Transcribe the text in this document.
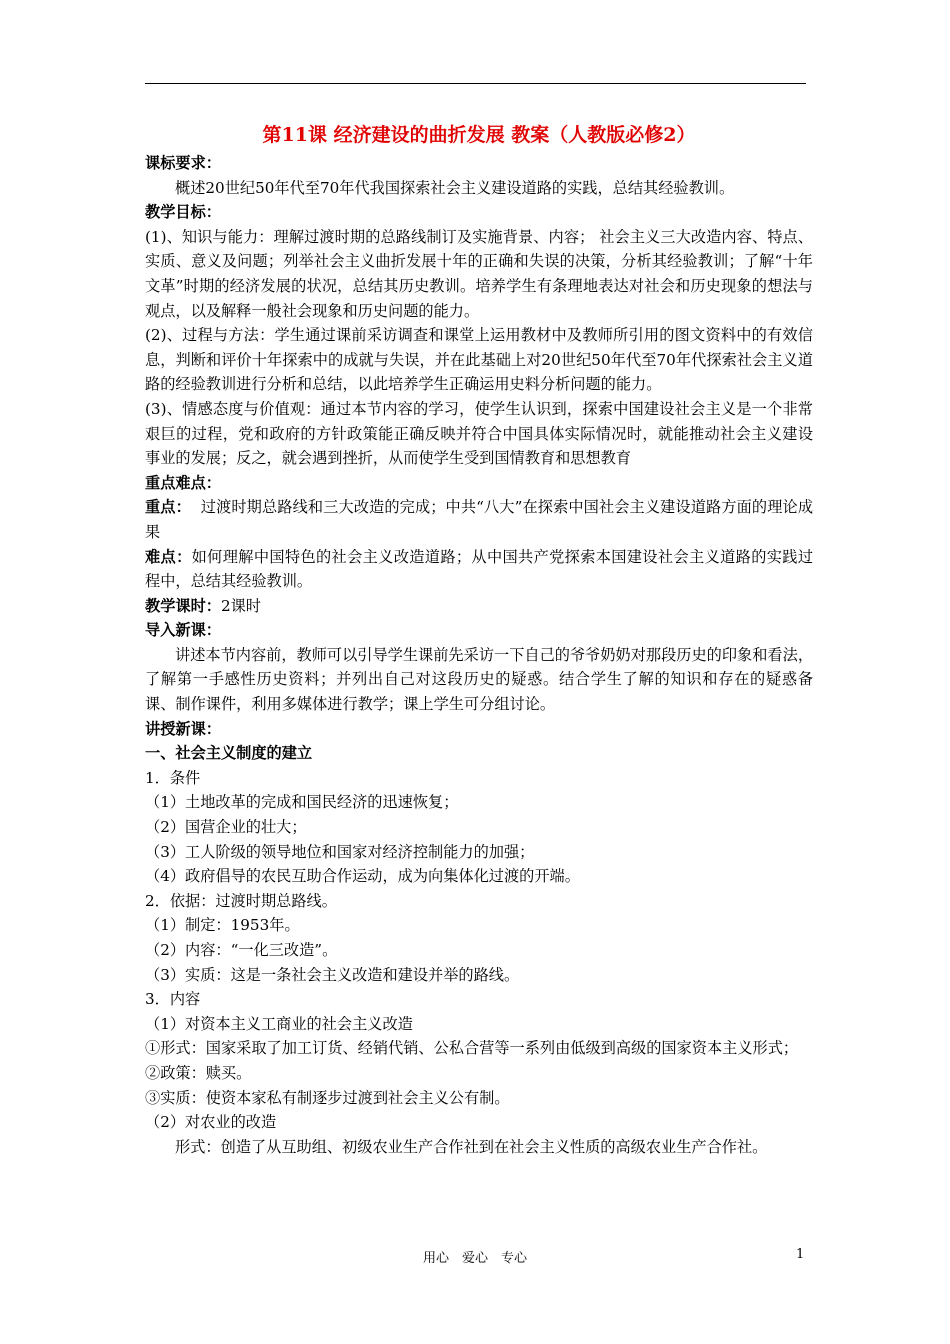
第11课 经济建设的曲折发展 教案（人教版必修2）

课标要求：

概述20世纪50年代至70年代我国探索社会主义建设道路的实践，总结其经验教训。

教学目标：

(1)、知识与能力：理解过渡时期的总路线制订及实施背景、内容； 社会主义三大改造内容、特点、实质、意义及问题；列举社会主义曲折发展十年的正确和失误的决策，分析其经验教训；了解“十年文革”时期的经济发展的状况，总结其历史教训。培养学生有条理地表达对社会和历史现象的想法与观点，以及解释一般社会现象和历史问题的能力。

(2)、过程与方法：学生通过课前采访调查和课堂上运用教材中及教师所引用的图文资料中的有效信息，判断和评价十年探索中的成就与失误，并在此基础上对20世纪50年代至70年代探索社会主义道路的经验教训进行分析和总结，以此培养学生正确运用史料分析问题的能力。

(3)、情感态度与价值观：通过本节内容的学习，使学生认识到，探索中国建设社会主义是一个非常艰巨的过程，党和政府的方针政策能正确反映并符合中国具体实际情况时，就能推动社会主义建设事业的发展；反之，就会遇到挫折，从而使学生受到国情教育和思想教育

重点难点：

重点： 过渡时期总路线和三大改造的完成；中共“八大”在探索中国社会主义建设道路方面的理论成果

难点：如何理解中国特色的社会主义改造道路；从中国共产党探索本国建设社会主义道路的实践过程中，总结其经验教训。

教学课时：2课时

导入新课：

讲述本节内容前，教师可以引导学生课前先采访一下自己的爷爷奶奶对那段历史的印象和看法，了解第一手感性历史资料；并列出自己对这段历史的疑惑。结合学生了解的知识和存在的疑惑备课、制作课件，利用多媒体进行教学；课上学生可分组讨论。

讲授新课：

一、社会主义制度的建立

1．条件

（1）土地改革的完成和国民经济的迅速恢复；

（2）国营企业的壮大；

（3）工人阶级的领导地位和国家对经济控制能力的加强；

（4）政府倡导的农民互助合作运动，成为向集体化过渡的开端。

2．依据：过渡时期总路线。

（1）制定：1953年。

（2）内容：“一化三改造”。

（3）实质：这是一条社会主义改造和建设并举的路线。

3．内容

（1）对资本主义工商业的社会主义改造

①形式：国家采取了加工订货、经销代销、公私合营等一系列由低级到高级的国家资本主义形式；

②政策：赎买。

③实质：使资本家私有制逐步过渡到社会主义公有制。

（2）对农业的改造

形式：创造了从互助组、初级农业生产合作社到在社会主义性质的高级农业生产合作社。

用心　爱心　专心	1
